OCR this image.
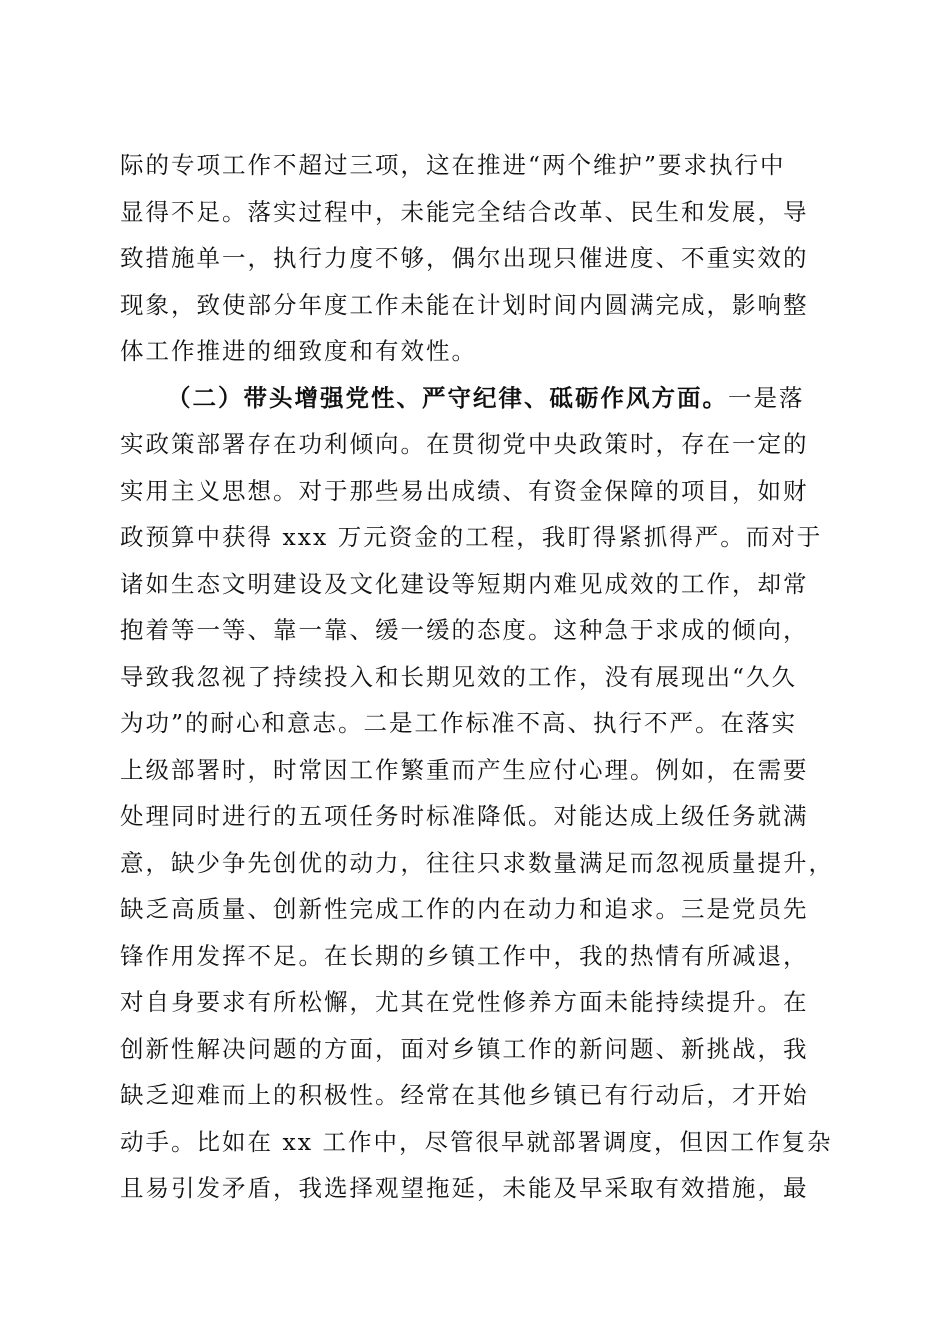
际的专项工作不超过三项，这在推进“两个维护”要求执行中
显得不足。落实过程中，未能完全结合改革、民生和发展，导
致措施单一，执行力度不够，偶尔出现只催进度、不重实效的
现象，致使部分年度工作未能在计划时间内圆满完成，影响整
体工作推进的细致度和有效性。
（二）带头增强党性、严守纪律、砥砺作风方面。一是落
实政策部署存在功利倾向。在贯彻党中央政策时，存在一定的
实用主义思想。对于那些易出成绩、有资金保障的项目，如财
政预算中获得 xxx 万元资金的工程，我盯得紧抓得严。而对于
诸如生态文明建设及文化建设等短期内难见成效的工作，却常
抱着等一等、靠一靠、缓一缓的态度。这种急于求成的倾向，
导致我忽视了持续投入和长期见效的工作，没有展现出“久久
为功”的耐心和意志。二是工作标准不高、执行不严。在落实
上级部署时，时常因工作繁重而产生应付心理。例如，在需要
处理同时进行的五项任务时标准降低。对能达成上级任务就满
意，缺少争先创优的动力，往往只求数量满足而忽视质量提升，
缺乏高质量、创新性完成工作的内在动力和追求。三是党员先
锋作用发挥不足。在长期的乡镇工作中，我的热情有所减退，
对自身要求有所松懈，尤其在党性修养方面未能持续提升。在
创新性解决问题的方面，面对乡镇工作的新问题、新挑战，我
缺乏迎难而上的积极性。经常在其他乡镇已有行动后，才开始
动手。比如在 xx 工作中，尽管很早就部署调度，但因工作复杂
且易引发矛盾，我选择观望拖延，未能及早采取有效措施，最
